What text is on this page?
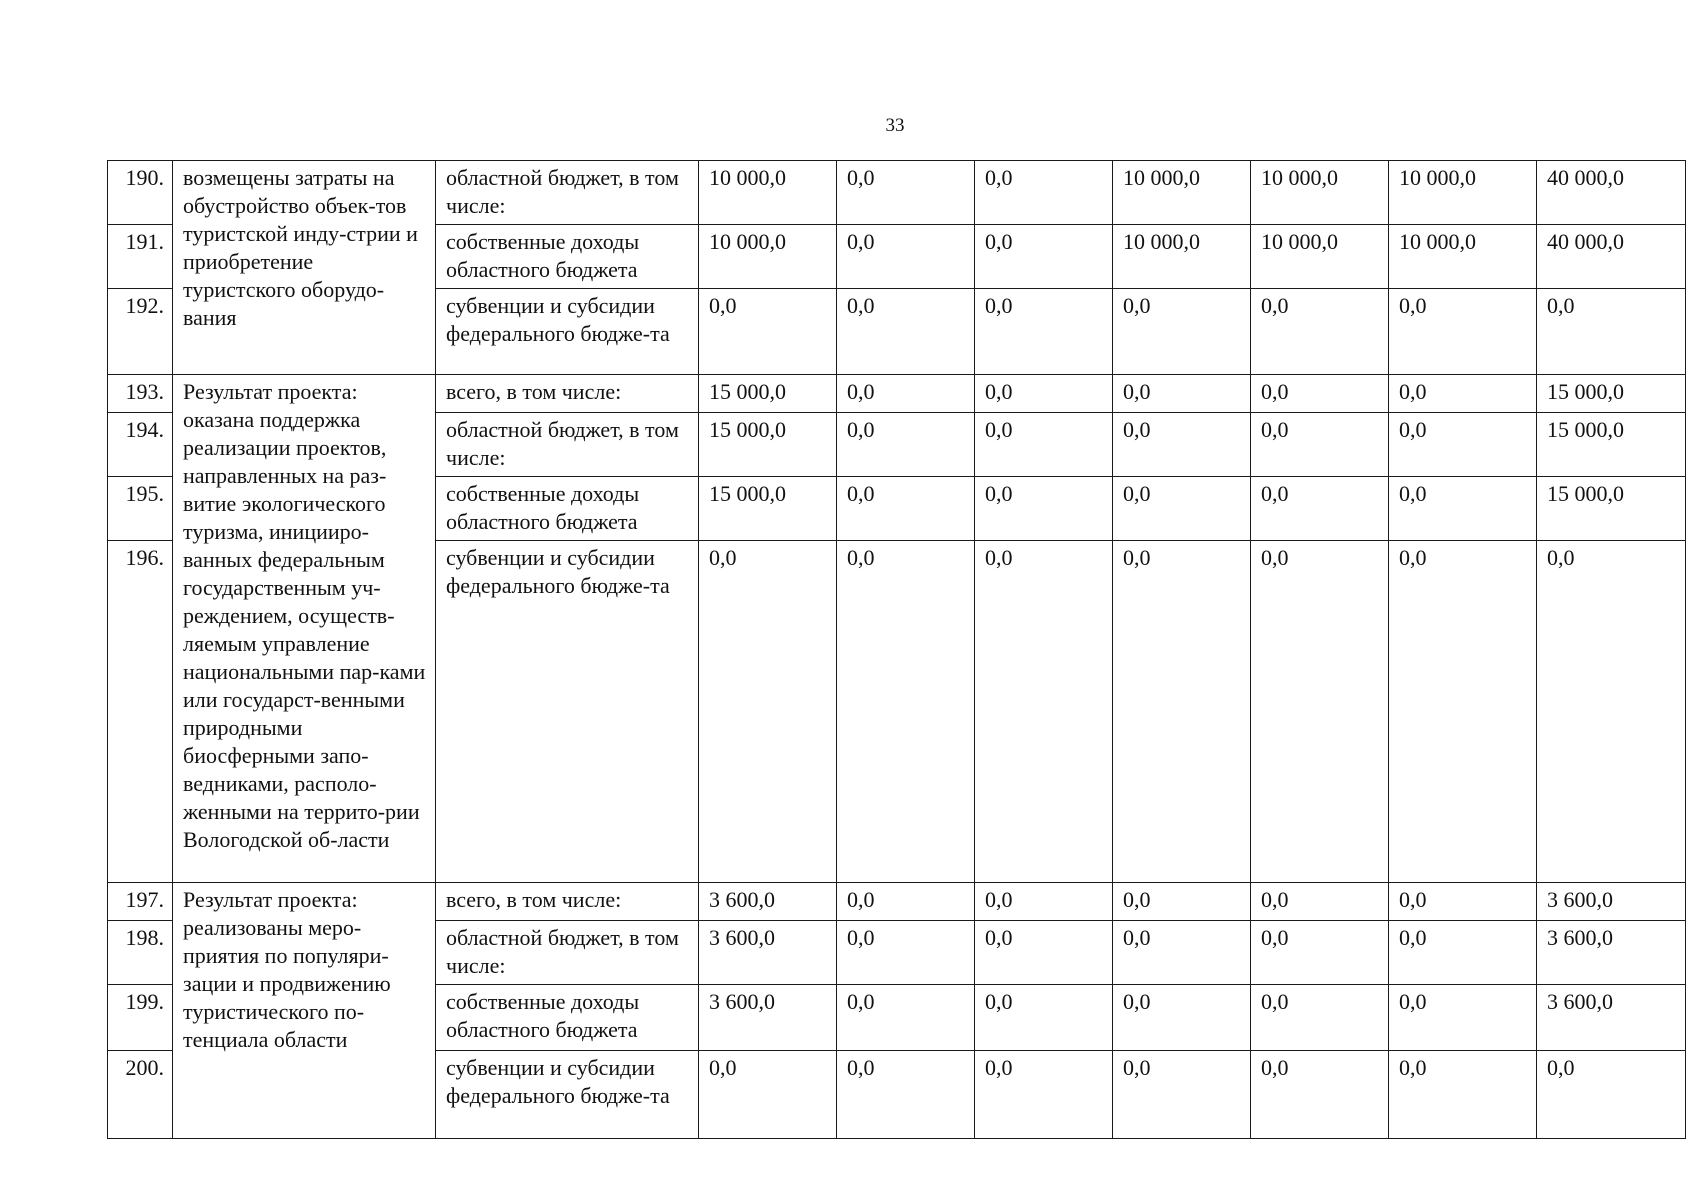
33
190.	возмещены затраты на обустройство объек-тов туристской инду-стрии и приобретение туристского оборудо-вания	областной бюджет, в том числе:	10 000,0	0,0	0,0	10 000,0	10 000,0	10 000,0	40 000,0
191.		собственные доходы областного бюджета	10 000,0	0,0	0,0	10 000,0	10 000,0	10 000,0	40 000,0
192.		субвенции и субсидии федерального бюдже-та	0,0	0,0	0,0	0,0	0,0	0,0	0,0
193.	Результат проекта: оказана поддержка реализации проектов, направленных на раз-витие экологического туризма, иницииро-ванных федеральным государственным уч-реждением, осуществ-ляемым управление национальными пар-ками или государст-венными природными биосферными запо-ведниками, располо-женными на террито-рии Вологодской об-ласти	всего, в том числе:	15 000,0	0,0	0,0	0,0	0,0	0,0	15 000,0
194.		областной бюджет, в том числе:	15 000,0	0,0	0,0	0,0	0,0	0,0	15 000,0
195.		собственные доходы областного бюджета	15 000,0	0,0	0,0	0,0	0,0	0,0	15 000,0
196.		субвенции и субсидии федерального бюдже-та	0,0	0,0	0,0	0,0	0,0	0,0	0,0
197.	Результат проекта: реализованы меро-приятия по популяри-зации и продвижению туристического по-тенциала области	всего, в том числе:	3 600,0	0,0	0,0	0,0	0,0	0,0	3 600,0
198.		областной бюджет, в том числе:	3 600,0	0,0	0,0	0,0	0,0	0,0	3 600,0
199.		собственные доходы областного бюджета	3 600,0	0,0	0,0	0,0	0,0	0,0	3 600,0
200.		субвенции и субсидии федерального бюдже-та	0,0	0,0	0,0	0,0	0,0	0,0	0,0
